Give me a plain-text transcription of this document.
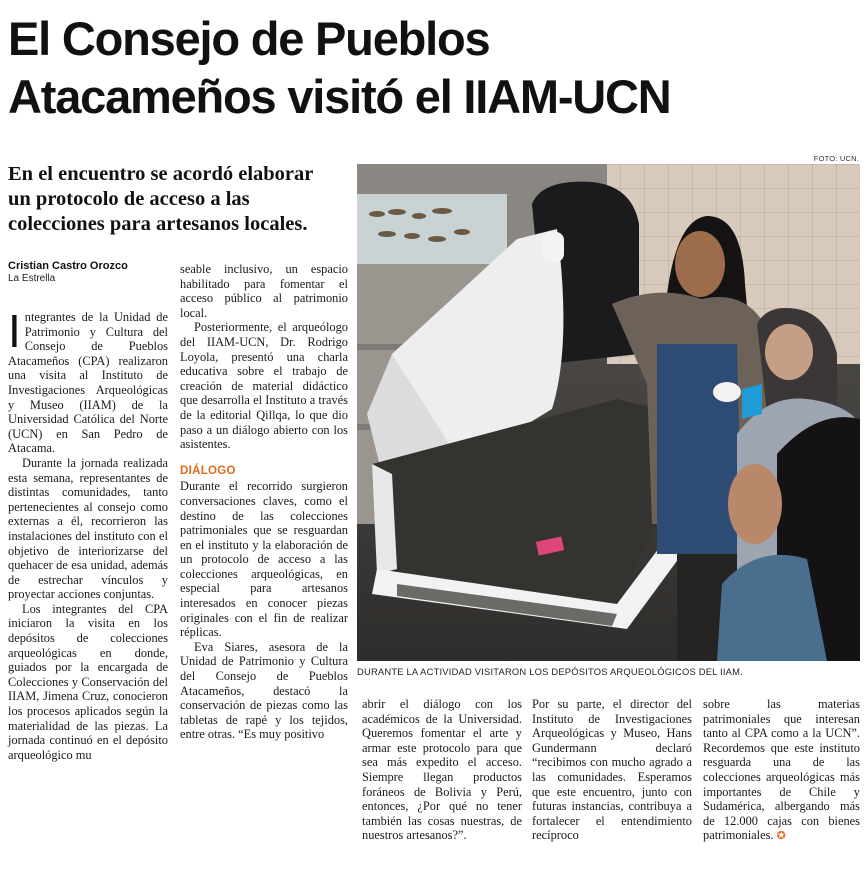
El Consejo de Pueblos
Atacameños visitó el IIAM-UCN
En el encuentro se acordó elaborar
un protocolo de acceso a las
colecciones para artesanos locales.
Cristian Castro Orozco
La Estrella
FOTO: UCN.
DURANTE LA ACTIVIDAD VISITARON LOS DEPÓSITOS ARQUEOLÓGICOS DEL IIAM.

Integrantes de la Unidad de Patrimonio y Cultura del Consejo de Pueblos Atacameños (CPA) realizaron una visita al Instituto de Investigaciones Arqueológicas y Museo (IIAM) de la Universidad Católica del Norte (UCN) en San Pedro de Atacama.

Durante la jornada realizada esta semana, representantes de distintas comunidades, tanto pertenecientes al consejo como externas a él, recorrieron las instalaciones del instituto con el objetivo de interiorizarse del quehacer de esa unidad, además de estrechar vínculos y proyectar acciones conjuntas.

Los integrantes del CPA iniciaron la visita en los depósitos de colecciones arqueológicas en donde, guiados por la encargada de Colecciones y Conservación del IIAM, Jimena Cruz, conocieron los procesos aplicados según la materialidad de las piezas. La jornada continuó en el depósito arqueológico mu

seable inclusivo, un espacio habilitado para fomentar el acceso público al patrimonio local.

Posteriormente, el arqueólogo del IIAM-UCN, Dr. Rodrigo Loyola, presentó una charla educativa sobre el trabajo de creación de material didáctico que desarrolla el Instituto a través de la editorial Qillqa, lo que dio paso a un diálogo abierto con los asistentes.

DIÁLOGO

Durante el recorrido surgieron conversaciones claves, como el destino de las colecciones patrimoniales que se resguardan en el instituto y la elaboración de un protocolo de acceso a las colecciones arqueológicas, en especial para artesanos interesados en conocer piezas originales con el fin de realizar réplicas.

Eva Siares, asesora de la Unidad de Patrimonio y Cultura del Consejo de Pueblos Atacameños, destacó la conservación de piezas como las tabletas de rapé y los tejidos, entre otras. “Es muy positivo

abrir el diálogo con los académicos de la Universidad. Queremos fomentar el arte y armar este protocolo para que sea más expedito el acceso. Siempre llegan productos foráneos de Bolivia y Perú, entonces, ¿Por qué no tener también las cosas nuestras, de nuestros artesanos?”.

Por su parte, el director del Instituto de Investigaciones Arqueológicas y Museo, Hans Gundermann declaró “recibimos con mucho agrado a las comunidades. Esperamos que este encuentro, junto con futuras instancias, contribuya a fortalecer el entendimiento recíproco

sobre las materias patrimoniales que interesan tanto al CPA como a la UCN”. Recordemos que este instituto resguarda una de las colecciones arqueológicas más importantes de Chile y Sudamérica, albergando más de 12.000 cajas con bienes patrimoniales. ✪
